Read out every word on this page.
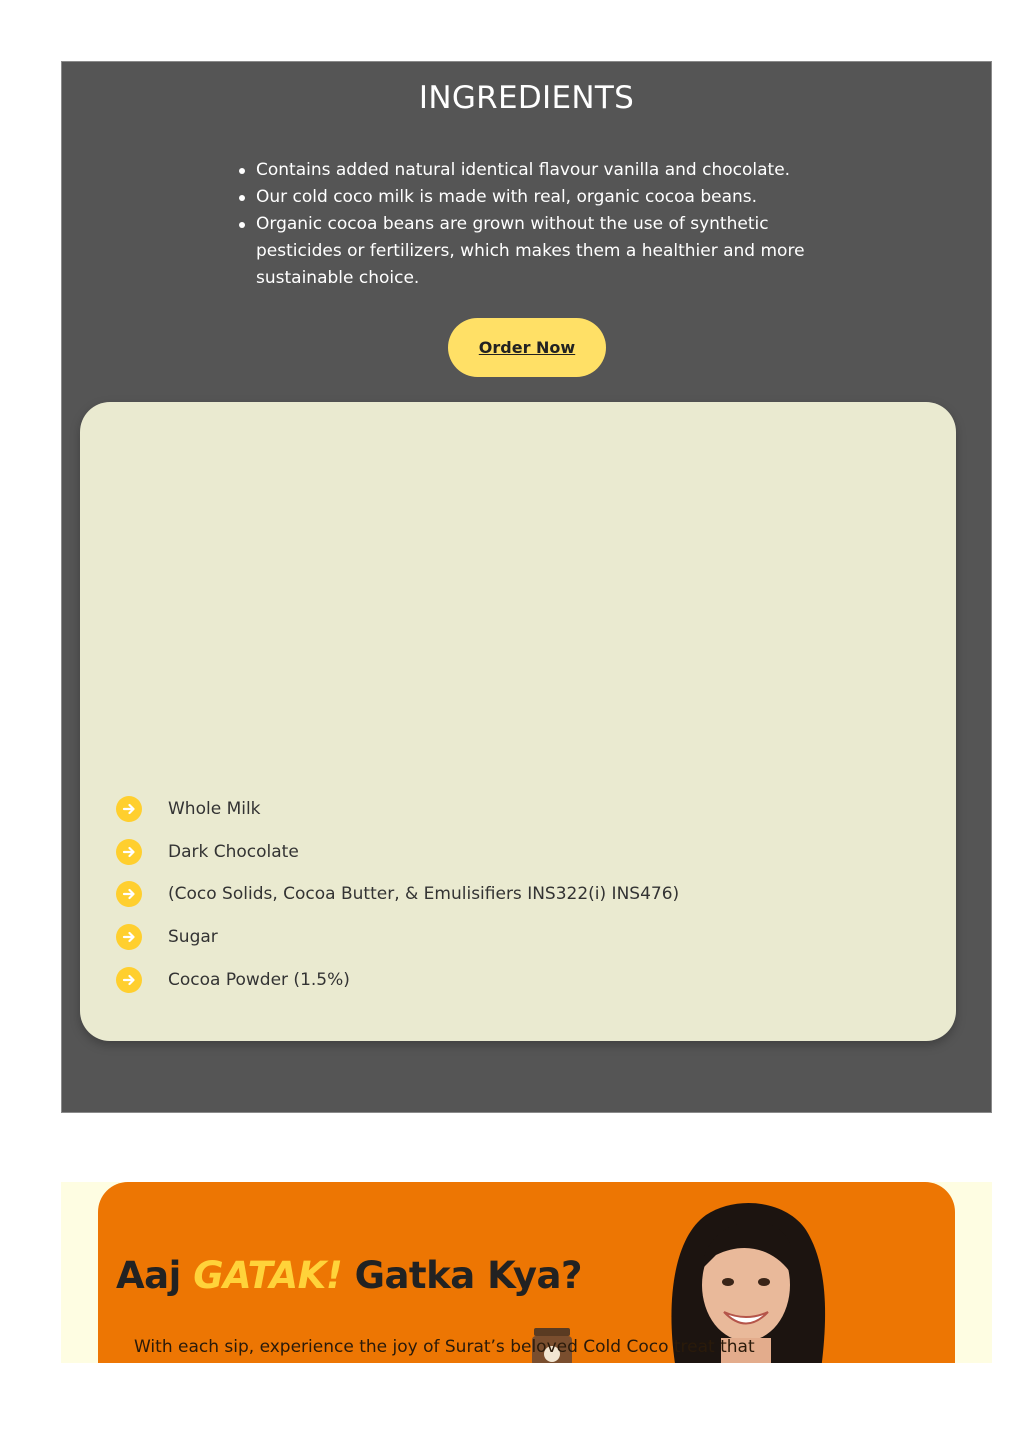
INGREDIENTS
Contains added natural identical flavour vanilla and chocolate.
Our cold coco milk is made with real, organic cocoa beans.
Organic cocoa beans are grown without the use of synthetic pesticides or fertilizers, which makes them a healthier and more sustainable choice.
Order Now
Whole Milk
Dark Chocolate
(Coco Solids, Cocoa Butter, & Emulisifiers INS322(i) INS476)
Sugar
Cocoa Powder (1.5%)
Aaj GATAK! Gatka Kya?

With each sip, experience the joy of Surat’s beloved Cold Coco treat that
